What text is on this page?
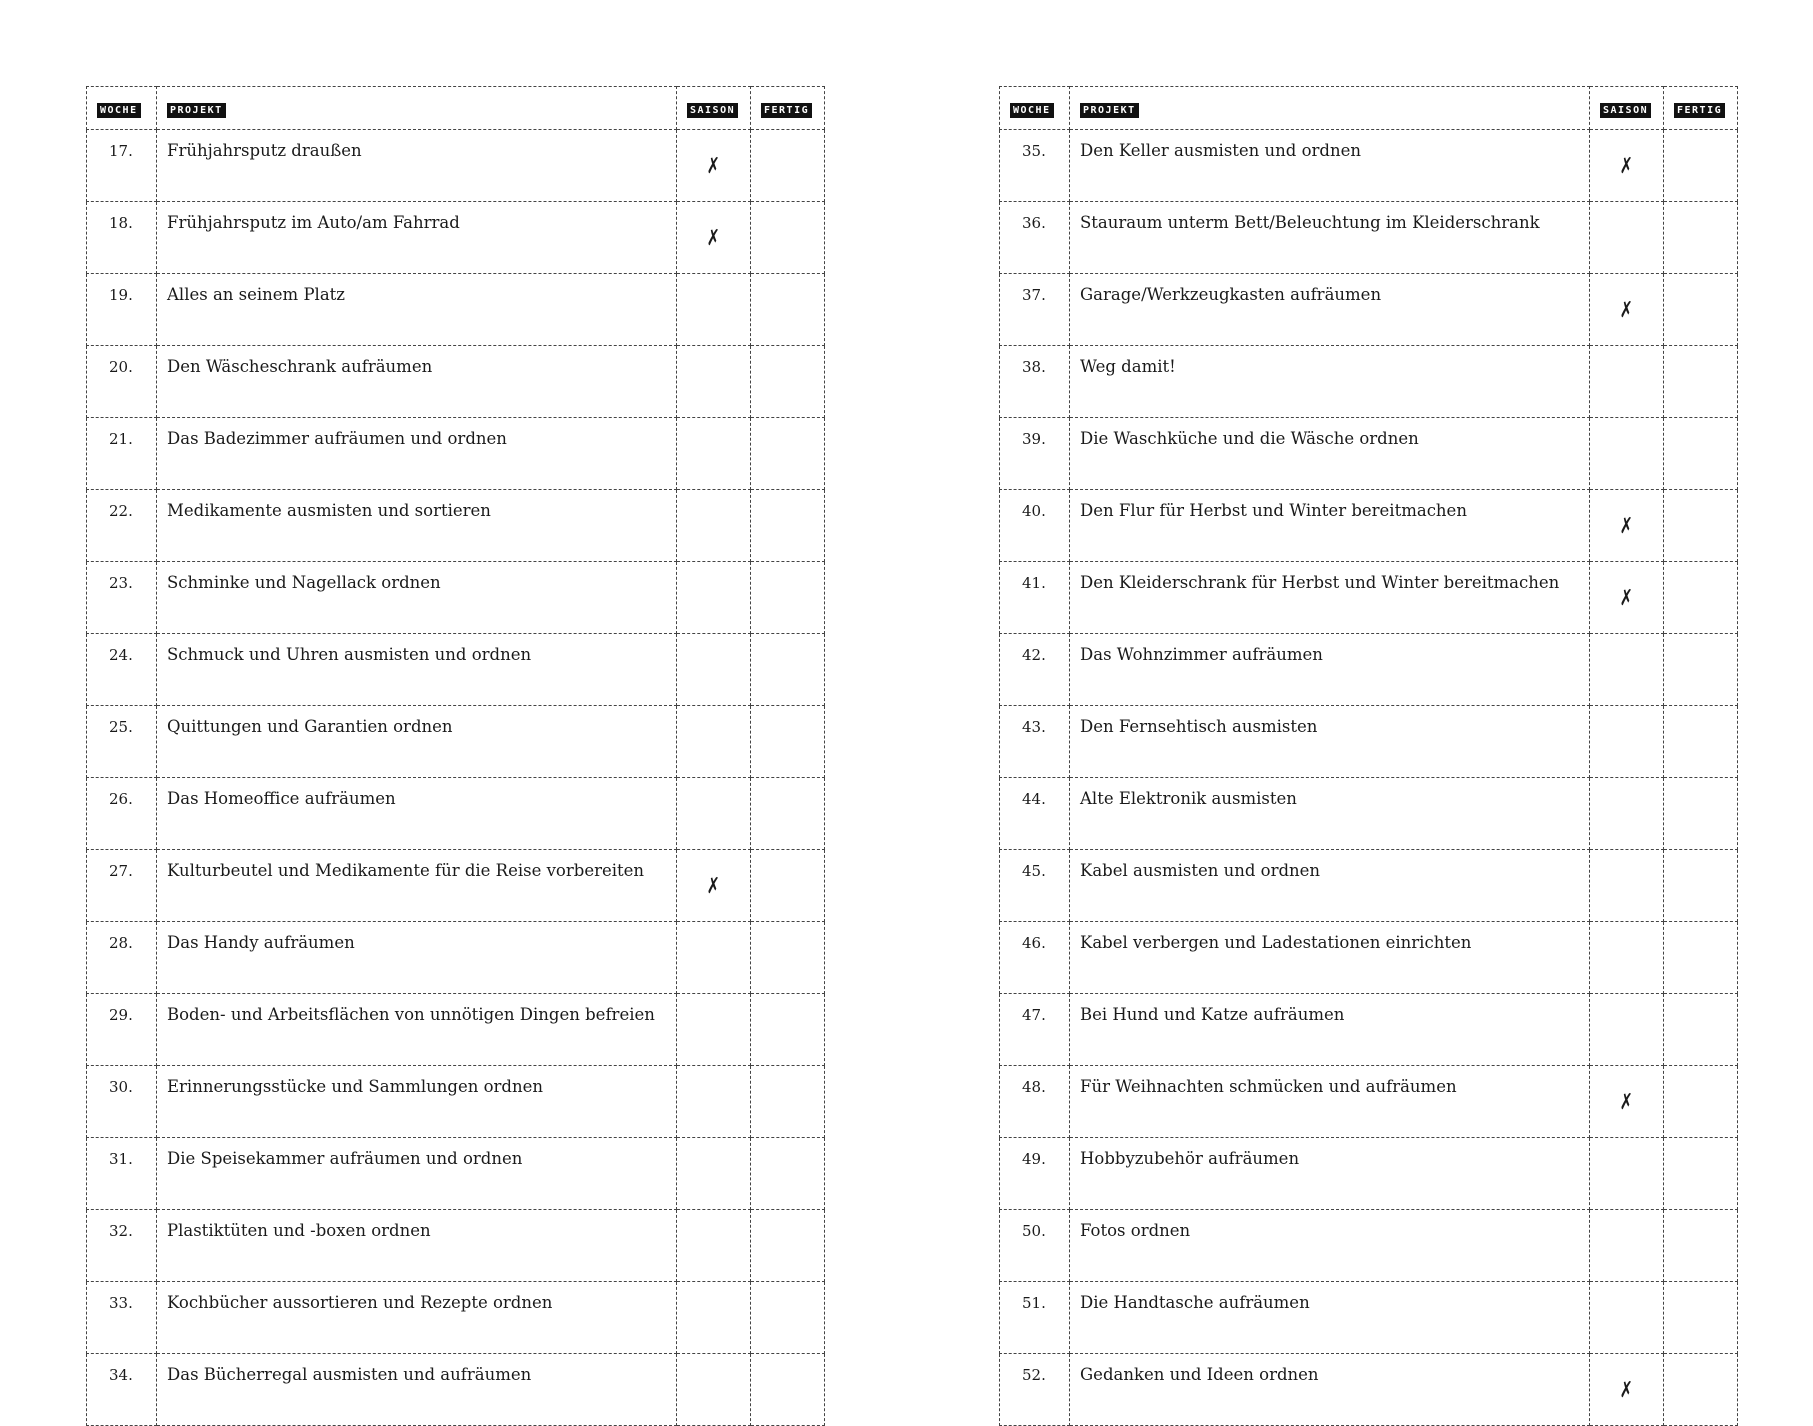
WOCHE	PROJEKT	SAISON	FERTIG
17.	Frühjahrsputz draußen	✗	
18.	Frühjahrsputz im Auto/am Fahrrad	✗	
19.	Alles an seinem Platz		
20.	Den Wäscheschrank aufräumen		
21.	Das Badezimmer aufräumen und ordnen		
22.	Medikamente ausmisten und sortieren		
23.	Schminke und Nagellack ordnen		
24.	Schmuck und Uhren ausmisten und ordnen		
25.	Quittungen und Garantien ordnen		
26.	Das Homeoffice aufräumen		
27.	Kulturbeutel und Medikamente für die Reise vorbereiten	✗	
28.	Das Handy aufräumen		
29.	Boden- und Arbeitsflächen von unnötigen Dingen befreien		
30.	Erinnerungsstücke und Sammlungen ordnen		
31.	Die Speisekammer aufräumen und ordnen		
32.	Plastiktüten und -boxen ordnen		
33.	Kochbücher aussortieren und Rezepte ordnen		
34.	Das Bücherregal ausmisten und aufräumen		
WOCHE	PROJEKT	SAISON	FERTIG
35.	Den Keller ausmisten und ordnen	✗	
36.	Stauraum unterm Bett/Beleuchtung im Kleiderschrank		
37.	Garage/Werkzeugkasten aufräumen	✗	
38.	Weg damit!		
39.	Die Waschküche und die Wäsche ordnen		
40.	Den Flur für Herbst und Winter bereitmachen	✗	
41.	Den Kleiderschrank für Herbst und Winter bereitmachen	✗	
42.	Das Wohnzimmer aufräumen		
43.	Den Fernsehtisch ausmisten		
44.	Alte Elektronik ausmisten		
45.	Kabel ausmisten und ordnen		
46.	Kabel verbergen und Ladestationen einrichten		
47.	Bei Hund und Katze aufräumen		
48.	Für Weihnachten schmücken und aufräumen	✗	
49.	Hobbyzubehör aufräumen		
50.	Fotos ordnen		
51.	Die Handtasche aufräumen		
52.	Gedanken und Ideen ordnen	✗	
